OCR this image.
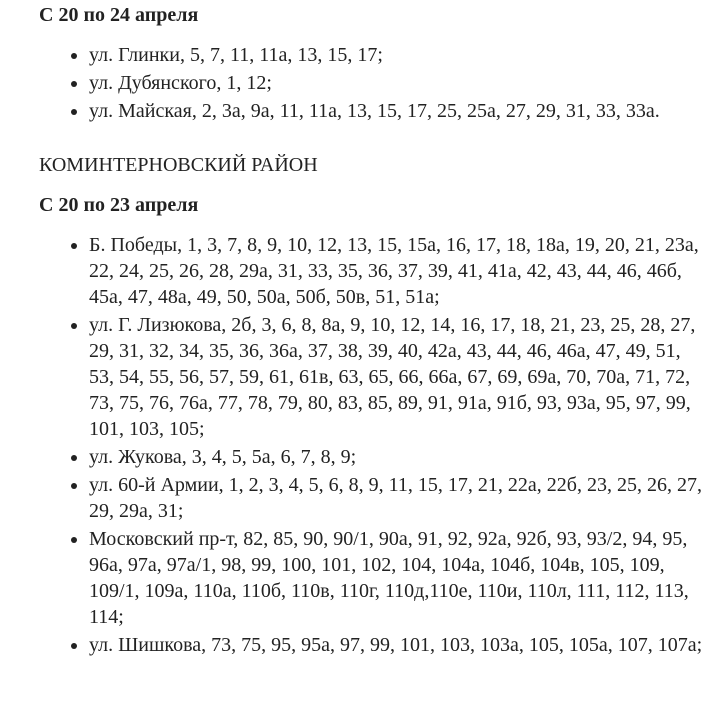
С 20 по 24 апреля
• ул. Глинки, 5, 7, 11, 11а, 13, 15, 17;
• ул. Дубянского, 1, 12;
• ул. Майская, 2, 3а, 9а, 11, 11а, 13, 15, 17, 25, 25а, 27, 29, 31, 33, 33а.
КОМИНТЕРНОВСКИЙ РАЙОН
С 20 по 23 апреля
• Б. Победы, 1, 3, 7, 8, 9, 10, 12, 13, 15, 15а, 16, 17, 18, 18а, 19, 20, 21, 23а, 22, 24, 25, 26, 28, 29а, 31, 33, 35, 36, 37, 39, 41, 41а, 42, 43, 44, 46, 46б, 45а, 47, 48а, 49, 50, 50а, 50б, 50в, 51, 51а;
• ул. Г. Лизюкова, 2б, 3, 6, 8, 8а, 9, 10, 12, 14, 16, 17, 18, 21, 23, 25, 28, 27, 29, 31, 32, 34, 35, 36, 36а, 37, 38, 39, 40, 42а, 43, 44, 46, 46а, 47, 49, 51, 53, 54, 55, 56, 57, 59, 61, 61в, 63, 65, 66, 66а, 67, 69, 69а, 70, 70а, 71, 72, 73, 75, 76, 76а, 77, 78, 79, 80, 83, 85, 89, 91, 91а, 91б, 93, 93а, 95, 97, 99, 101, 103, 105;
• ул. Жукова, 3, 4, 5, 5а, 6, 7, 8, 9;
• ул. 60-й Армии, 1, 2, 3, 4, 5, 6, 8, 9, 11, 15, 17, 21, 22а, 22б, 23, 25, 26, 27, 29, 29а, 31;
• Московский пр-т, 82, 85, 90, 90/1, 90а, 91, 92, 92а, 92б, 93, 93/2, 94, 95, 96а, 97а, 97а/1, 98, 99, 100, 101, 102, 104, 104а, 104б, 104в, 105, 109, 109/1, 109а, 110а, 110б, 110в, 110г, 110д,110е, 110и, 110л, 111, 112, 113, 114;
• ул. Шишкова, 73, 75, 95, 95а, 97, 99, 101, 103, 103а, 105, 105а, 107, 107а;
